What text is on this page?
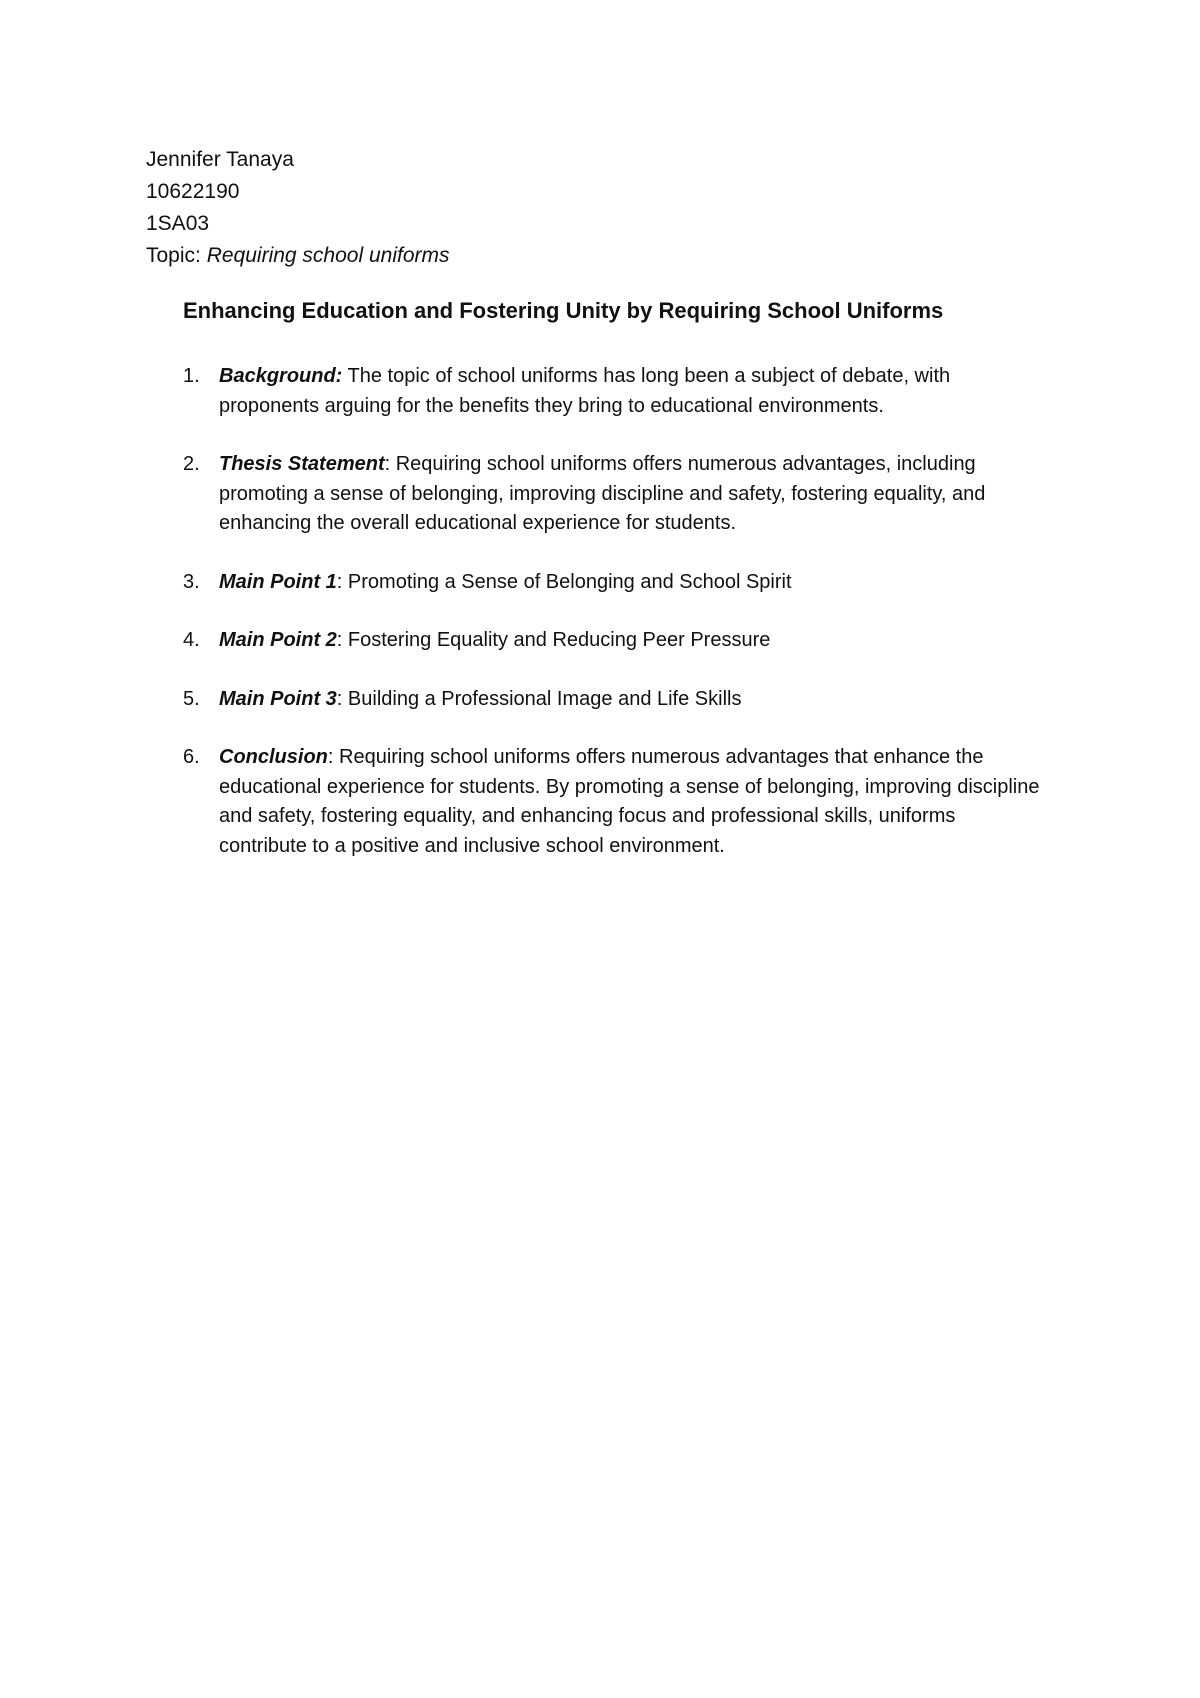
Jennifer Tanaya
10622190
1SA03
Topic: Requiring school uniforms
Enhancing Education and Fostering Unity by Requiring School Uniforms
1. Background: The topic of school uniforms has long been a subject of debate, with proponents arguing for the benefits they bring to educational environments.
2. Thesis Statement: Requiring school uniforms offers numerous advantages, including promoting a sense of belonging, improving discipline and safety, fostering equality, and enhancing the overall educational experience for students.
3. Main Point 1: Promoting a Sense of Belonging and School Spirit
4. Main Point 2: Fostering Equality and Reducing Peer Pressure
5. Main Point 3: Building a Professional Image and Life Skills
6. Conclusion: Requiring school uniforms offers numerous advantages that enhance the educational experience for students. By promoting a sense of belonging, improving discipline and safety, fostering equality, and enhancing focus and professional skills, uniforms contribute to a positive and inclusive school environment.
